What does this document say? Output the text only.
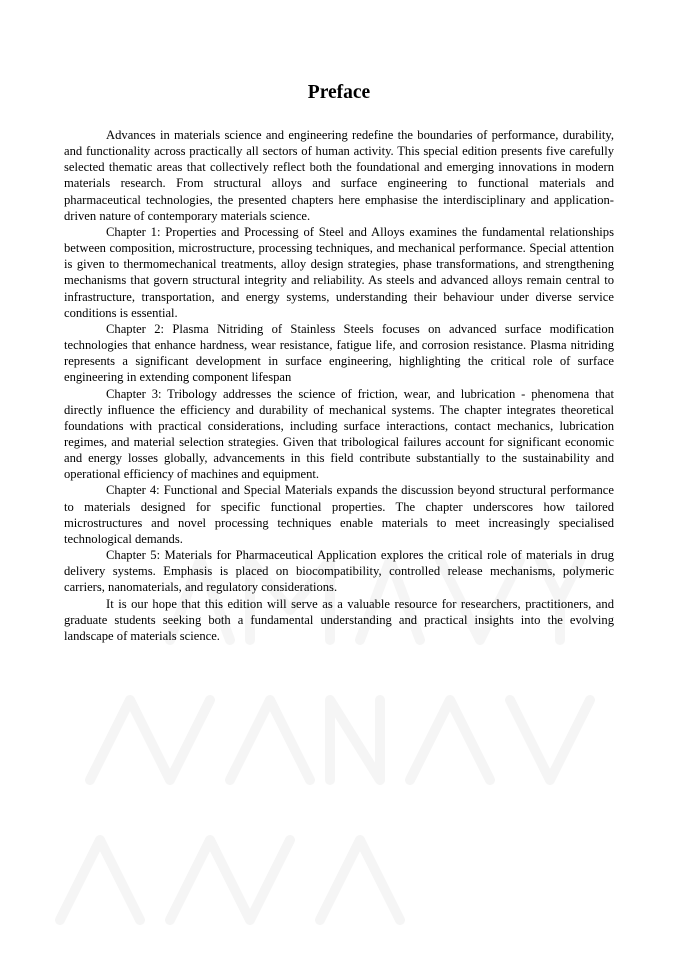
Preface

Advances in materials science and engineering redefine the boundaries of performance, durability, and functionality across practically all sectors of human activity. This special edition presents five carefully selected thematic areas that collectively reflect both the foundational and emerging innovations in modern materials research. From structural alloys and surface engineering to functional materials and pharmaceutical technologies, the presented chapters here emphasise the interdisciplinary and application-driven nature of contemporary materials science.

Chapter 1: Properties and Processing of Steel and Alloys examines the fundamental relationships between composition, microstructure, processing techniques, and mechanical performance. Special attention is given to thermomechanical treatments, alloy design strategies, phase transformations, and strengthening mechanisms that govern structural integrity and reliability. As steels and advanced alloys remain central to infrastructure, transportation, and energy systems, understanding their behaviour under diverse service conditions is essential.

Chapter 2: Plasma Nitriding of Stainless Steels focuses on advanced surface modification technologies that enhance hardness, wear resistance, fatigue life, and corrosion resistance. Plasma nitriding represents a significant development in surface engineering, highlighting the critical role of surface engineering in extending component lifespan

Chapter 3: Tribology addresses the science of friction, wear, and lubrication - phenomena that directly influence the efficiency and durability of mechanical systems. The chapter integrates theoretical foundations with practical considerations, including surface interactions, contact mechanics, lubrication regimes, and material selection strategies. Given that tribological failures account for significant economic and energy losses globally, advancements in this field contribute substantially to the sustainability and operational efficiency of machines and equipment.

Chapter 4: Functional and Special Materials expands the discussion beyond structural performance to materials designed for specific functional properties. The chapter underscores how tailored microstructures and novel processing techniques enable materials to meet increasingly specialised technological demands.

Chapter 5: Materials for Pharmaceutical Application explores the critical role of materials in drug delivery systems. Emphasis is placed on biocompatibility, controlled release mechanisms, polymeric carriers, nanomaterials, and regulatory considerations.

It is our hope that this edition will serve as a valuable resource for researchers, practitioners, and graduate students seeking both a fundamental understanding and practical insights into the evolving landscape of materials science.
